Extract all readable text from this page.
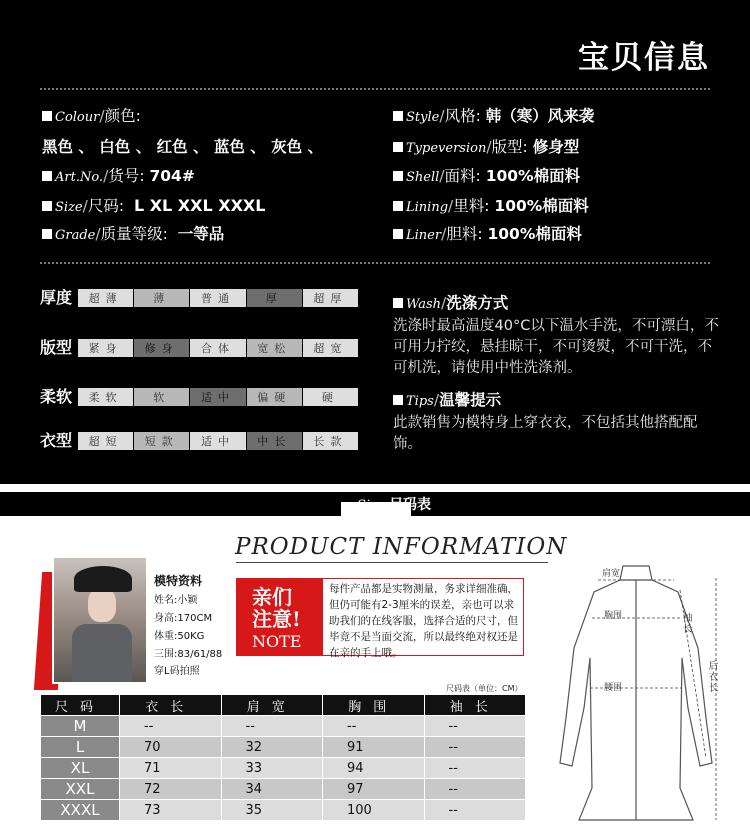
宝贝信息
Colour/颜色:
黑色 、 白色 、 红色 、 蓝色 、 灰色 、
Art.No./货号: 704#
Size/尺码: L XL XXL XXXL
Grade/质量等级: 一等品
Style/风格: 韩（寒）风来袭
Typeversion/版型: 修身型
Shell/面料: 100%棉面料
Lining/里料: 100%棉面料
Liner/胆料: 100%棉面料
厚度	超薄	薄	普通	厚	超厚
版型	紧身	修身	合体	宽松	超宽
柔软	柔软	软	适中	偏硬	硬
衣型	超短	短款	适中	中长	长款
Wash/洗涤方式
洗涤时最高温度40°C以下温水手洗，不可漂白，不可用力拧绞，悬挂晾干，不可烫熨，不可干洗，不可机洗，请使用中性洗涤剂。
Tips/温馨提示
此款销售为模特身上穿衣衣，不包括其他搭配配饰。
Size 尺码表
PRODUCT INFORMATION
模特资料
姓名:小颖
身高:170CM
体重:50KG
三围:83/61/88
穿L码拍照
亲们
注意!
NOTE
每件产品都是实物测量，务求详细准确，但仍可能有2-3厘米的误差，亲也可以求助我们的在线客服，选择合适的尺寸，但毕竟不是当面交流，所以最终绝对权还是在亲的手上哦。
尺码表（单位：CM）
尺码	衣长	肩宽	胸围	袖长
M	--	--	--	--
L	70	32	91	--
XL	71	33	94	--
XXL	72	34	97	--
XXXL	73	35	100	--
肩宽
胸围
腰围
袖长
后衣长
